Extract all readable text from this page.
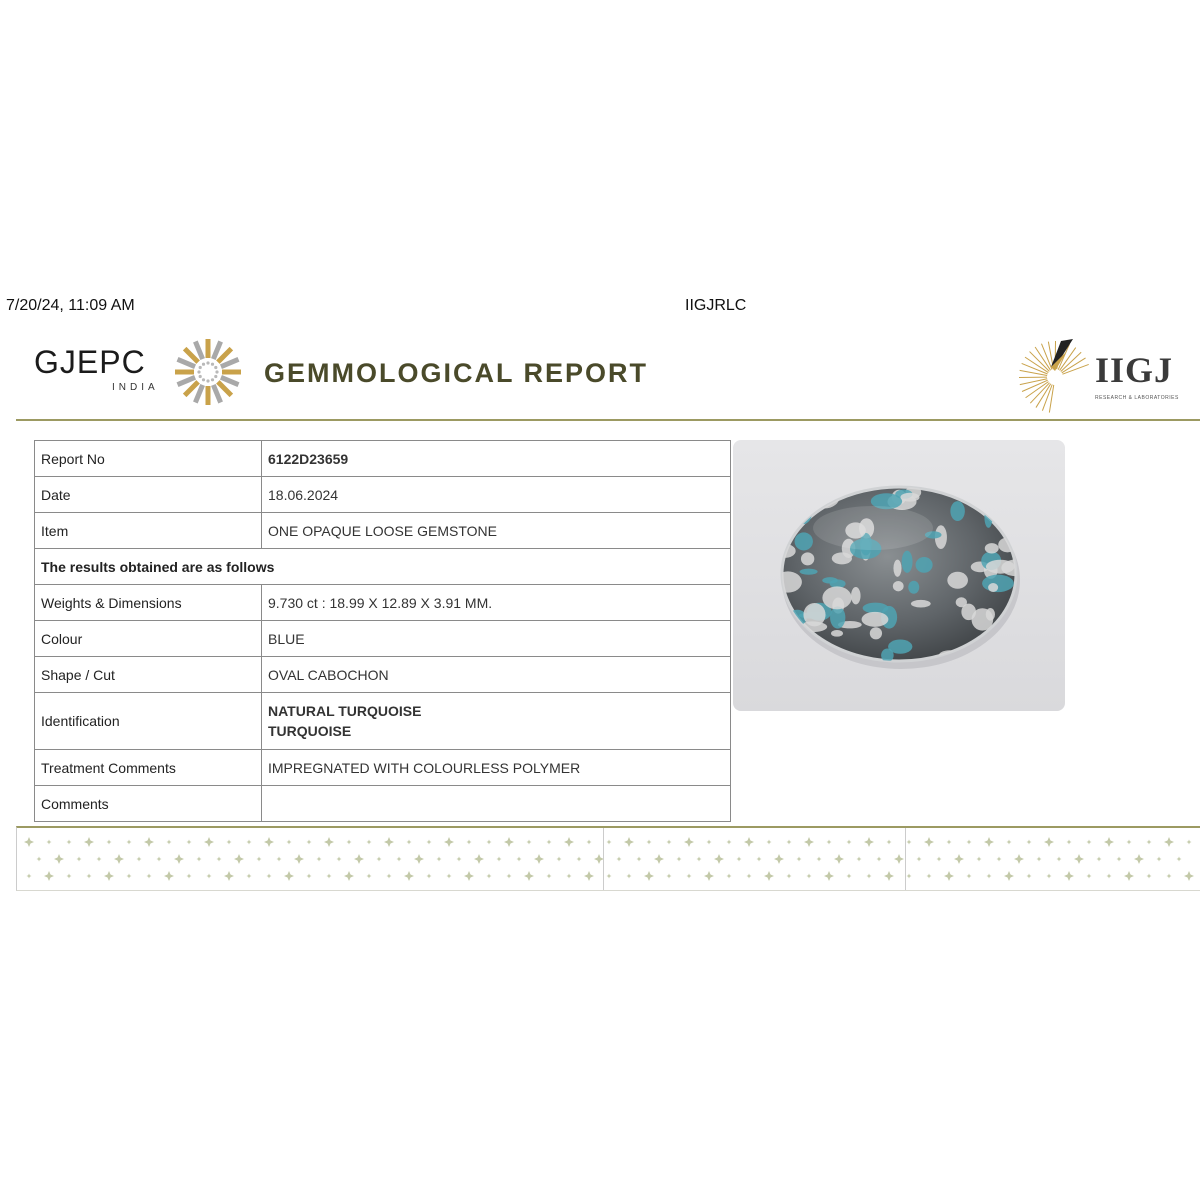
7/20/24, 11:09 AM	IIGJRLC
GJEPC
INDIA	GEMMOLOGICAL REPORT	IIGJ
RESEARCH & LABORATORIES
Report No	6122D23659
Date	18.06.2024
Item	ONE OPAQUE LOOSE GEMSTONE
The results obtained are as follows	
Weights & Dimensions	9.730 ct : 18.99 X 12.89 X 3.91 MM.
Colour	BLUE
Shape / Cut	OVAL CABOCHON
Identification	NATURAL TURQUOISE
TURQUOISE

Treatment Comments	IMPREGNATED WITH COLOURLESS POLYMER
Comments	
